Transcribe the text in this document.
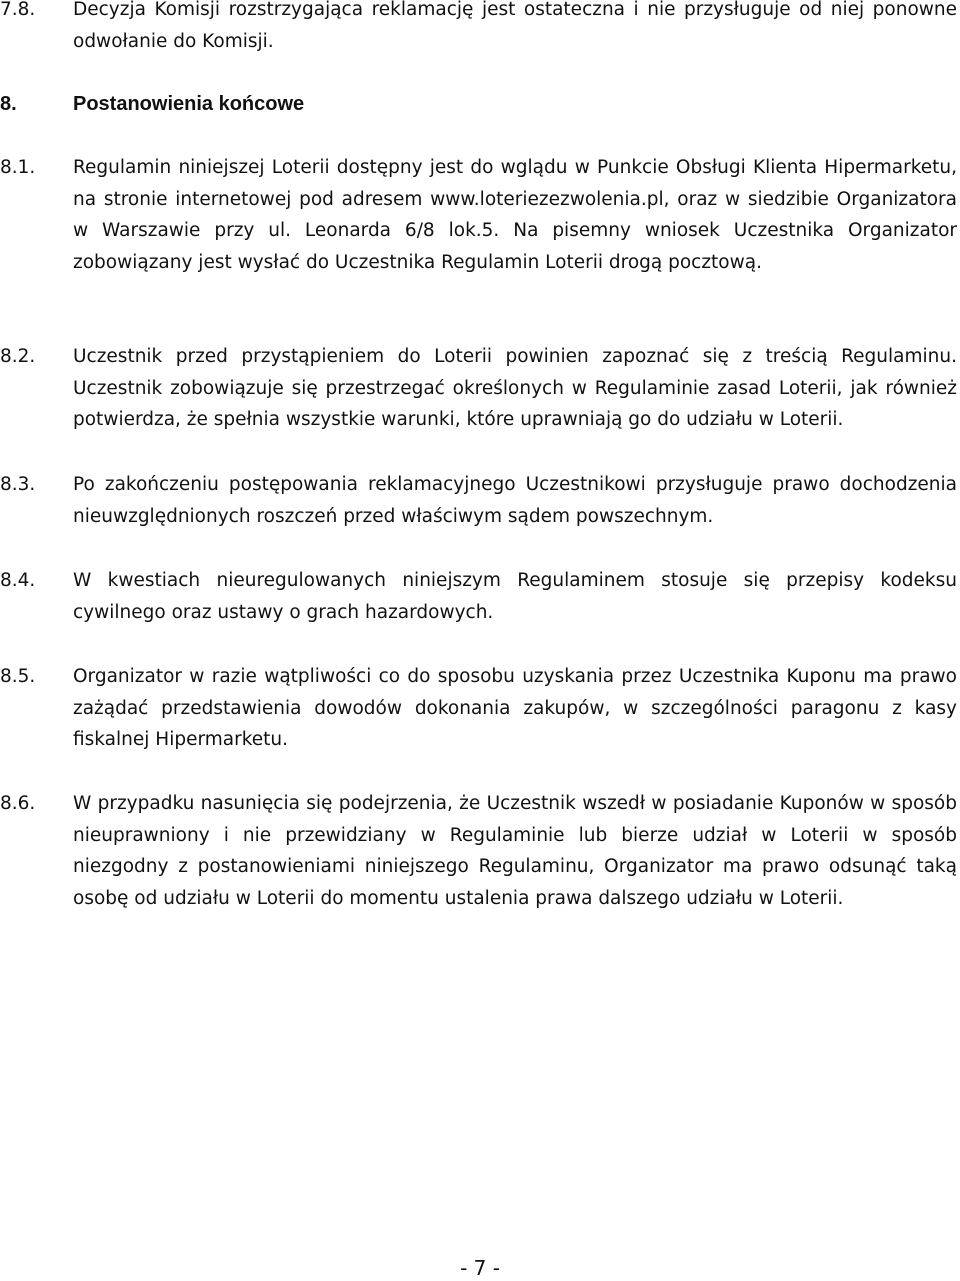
7.8.	Decyzja Komisji rozstrzygająca reklamację jest ostateczna i nie przysługuje od niej ponowne odwołanie do Komisji.
8.	Postanowienia końcowe
8.1.	Regulamin niniejszej Loterii dostępny jest do wglądu w Punkcie Obsługi Klienta Hipermarketu, na stronie internetowej pod adresem www.loteriezezwolenia.pl, oraz w siedzibie Organizatora w Warszawie przy ul. Leonarda 6/8 lok.5. Na pisemny wniosek Uczestnika Organizator zobowiązany jest wysłać do Uczestnika Regulamin Loterii drogą pocztową.
8.2.	Uczestnik przed przystąpieniem do Loterii powinien zapoznać się z treścią Regulaminu. Uczestnik zobowiązuje się przestrzegać określonych w Regulaminie zasad Loterii, jak również potwierdza, że spełnia wszystkie warunki, które uprawniają go do udziału w Loterii.
8.3.	Po zakończeniu postępowania reklamacyjnego Uczestnikowi przysługuje prawo dochodzenia nieuwzględnionych roszczeń przed właściwym sądem powszechnym.
8.4.	W kwestiach nieuregulowanych niniejszym Regulaminem stosuje się przepisy kodeksu cywilnego oraz ustawy o grach hazardowych.
8.5.	Organizator w razie wątpliwości co do sposobu uzyskania przez Uczestnika Kuponu ma prawo zażądać przedstawienia dowodów dokonania zakupów, w szczególności paragonu z kasy fiskalnej Hipermarketu.
8.6.	W przypadku nasunięcia się podejrzenia, że Uczestnik wszedł w posiadanie Kuponów w sposób nieuprawniony i nie przewidziany w Regulaminie lub bierze udział w Loterii w sposób niezgodny z postanowieniami niniejszego Regulaminu, Organizator ma prawo odsunąć taką osobę od udziału w Loterii do momentu ustalenia prawa dalszego udziału w Loterii.
- 7 -
